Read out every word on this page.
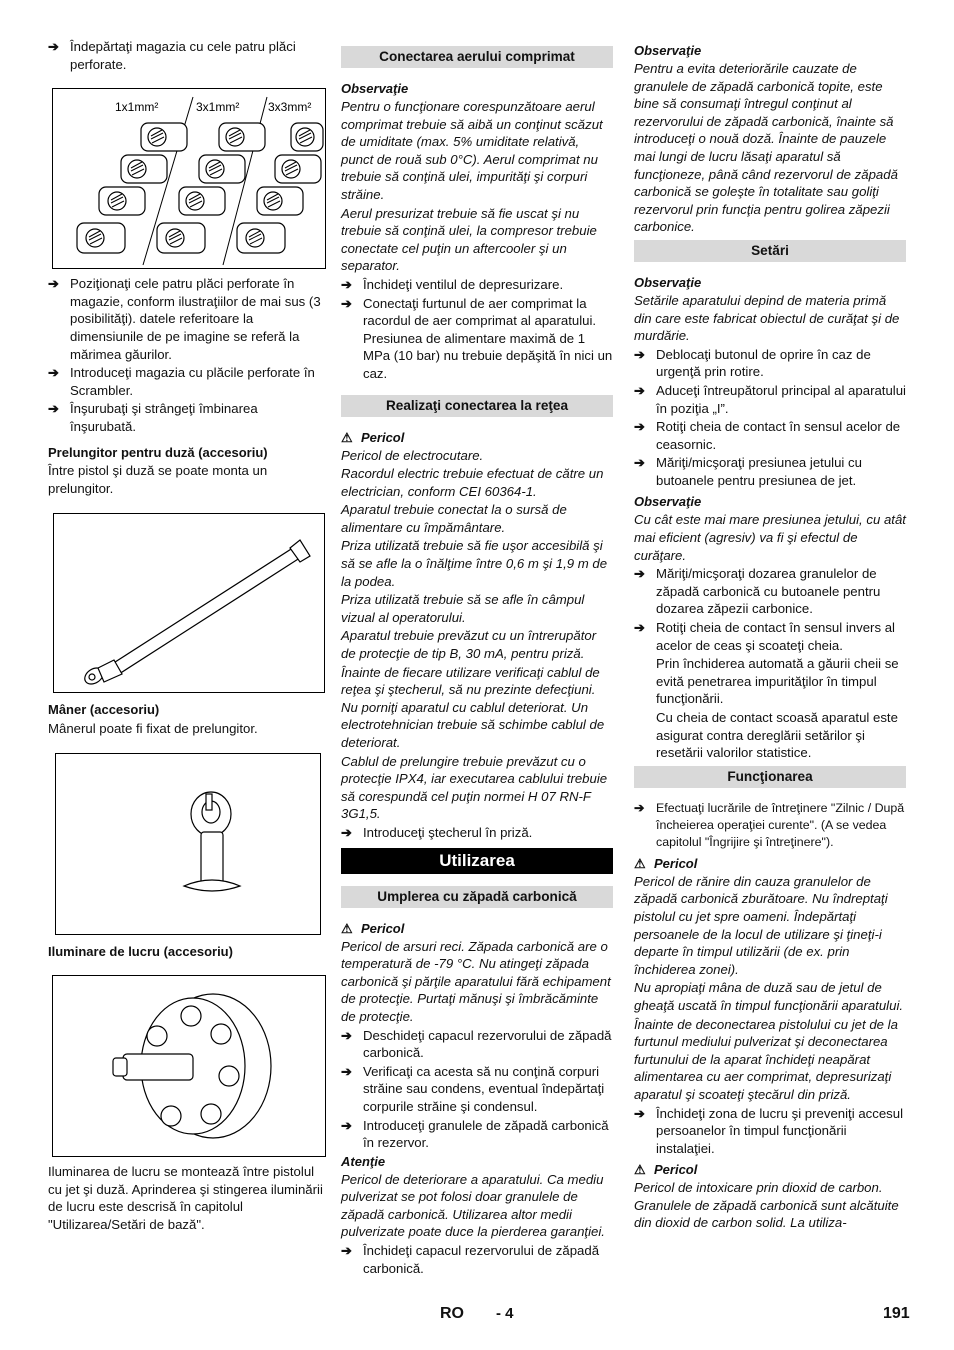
➔ Îndepărtaţi magazia cu cele patru plăci perforate.
1x1mm²	3x1mm² 3x3mm²
➔ Poziţionaţi cele patru plăci perforate în magazie, conform ilustraţiilor de mai sus (3 posibilităţi). datele referitoare la dimensiunile de pe imagine se referă la mărimea găurilor.
➔ Introduceţi magazia cu plăcile perforate în Scrambler.
➔ Înşurubaţi şi strângeţi îmbinarea înşurubată.
Prelungitor pentru duză (accesoriu)
Între pistol şi duză se poate monta un prelungitor.
Mâner (accesoriu)
Mânerul poate fi fixat de prelungitor.
Iluminare de lucru (accesoriu)
Iluminarea de lucru se montează între pistolul cu jet şi duză. Aprinderea şi stingerea iluminării de lucru este descrisă în capitolul "Utilizarea/Setări de bază".
Conectarea aerului comprimat
Observaţie
Pentru o funcţionare corespunzătoare aerul comprimat trebuie să aibă un conţinut scăzut de umiditate (max. 5% umiditate relativă, punct de rouă sub 0°C). Aerul comprimat nu trebuie să conţină ulei, impurităţi şi corpuri străine.
Aerul presurizat trebuie să fie uscat şi nu trebuie să conţină ulei, la compresor trebuie conectate cel puţin un aftercooler şi un separator.
➔ Închideţi ventilul de depresurizare.
➔ Conectaţi furtunul de aer comprimat la racordul de aer comprimat al aparatului. Presiunea de alimentare maximă de 1 MPa (10 bar) nu trebuie depăşită în nici un caz.
Realizaţi conectarea la reţea
⚠ Pericol
Pericol de electrocutare.
Racordul electric trebuie efectuat de către un electrician, conform CEI 60364-1.
Aparatul trebuie conectat la o sursă de alimentare cu împământare.
Priza utilizată trebuie să fie uşor accesibilă şi să se afle la o înălţime între 0,6 m şi 1,9 m de la podea.
Priza utilizată trebuie să se afle în câmpul vizual al operatorului.
Aparatul trebuie prevăzut cu un întrerupător de protecţie de tip B, 30 mA, pentru priză.
Înainte de fiecare utilizare verificaţi cablul de reţea şi ştecherul, să nu prezinte defecţiuni. Nu porniţi aparatul cu cablul deteriorat. Un electrotehnician trebuie să schimbe cablul de deteriorat.
Cablul de prelungire trebuie prevăzut cu o protecţie IPX4, iar executarea cablului trebuie să corespundă cel puţin normei H 07 RN-F 3G1,5.
➔ Introduceţi ştecherul în priză.
Utilizarea
Umplerea cu zăpadă carbonică
⚠ Pericol
Pericol de arsuri reci. Zăpada carbonică are o temperatură de -79 °C. Nu atingeţi zăpada carbonică şi părţile aparatului fără echipament de protecţie. Purtaţi mănuşi şi îmbrăcăminte de protecţie.
➔ Deschideţi capacul rezervorului de zăpadă carbonică.
➔ Verificaţi ca acesta să nu conţină corpuri străine sau condens, eventual îndepărtaţi corpurile străine şi condensul.
➔ Introduceţi granulele de zăpadă carbonică în rezervor.
Atenţie
Pericol de deteriorare a aparatului. Ca mediu pulverizat se pot folosi doar granulele de zăpadă carbonică. Utilizarea altor medii pulverizate poate duce la pierderea garanţiei.
➔ Închideţi capacul rezervorului de zăpadă carbonică.
Observaţie
Pentru a evita deteriorările cauzate de granulele de zăpadă carbonică topite, este bine să consumaţi întregul conţinut al rezervorului de zăpadă carbonică, înainte să introduceţi o nouă doză. Înainte de pauzele mai lungi de lucru lăsaţi aparatul să funcţioneze, până când rezervorul de zăpadă carbonică se goleşte în totalitate sau goliţi rezervorul prin funcţia pentru golirea zăpezii carbonice.
Setări
Observaţie
Setările aparatului depind de materia primă din care este fabricat obiectul de curăţat şi de murdărie.
➔ Deblocaţi butonul de oprire în caz de urgenţă prin rotire.
➔ Aduceţi întreupătorul principal al aparatului în poziţia „I”.
➔ Rotiţi cheia de contact în sensul acelor de ceasornic.
➔ Măriţi/micşoraţi presiunea jetului cu butoanele pentru presiunea de jet.
Observaţie
Cu cât este mai mare presiunea jetului, cu atât mai eficient (agresiv) va fi şi efectul de curăţare.
➔ Măriţi/micşoraţi dozarea granulelor de zăpadă carbonică cu butoanele pentru dozarea zăpezii carbonice.
➔ Rotiţi cheia de contact în sensul invers al acelor de ceas şi scoateţi cheia.
Prin închiderea automată a găurii cheii se evită penetrarea impurităţilor în timpul funcţionării.
Cu cheia de contact scoasă aparatul este asigurat contra dereglării setărilor şi resetării valorilor statistice.
Funcţionarea
➔ Efectuaţi lucrările de întreţinere "Zilnic / După încheierea operaţiei curente". (A se vedea capitolul "Îngrijire şi întreţinere").
⚠ Pericol
Pericol de rănire din cauza granulelor de zăpadă carbonică zburătoare. Nu îndreptaţi pistolul cu jet spre oameni. Îndepărtaţi persoanele de la locul de utilizare şi ţineţi-i departe în timpul utilizării (de ex. prin închiderea zonei).
Nu apropiaţi mâna de duză sau de jetul de gheaţă uscată în timpul funcţionării aparatului.
Înainte de deconectarea pistolului cu jet de la furtunul mediului pulverizat şi deconectarea furtunului de la aparat închideţi neapărat alimentarea cu aer comprimat, depresurizaţi aparatul şi scoateţi ştecărul din priză.
➔ Închideţi zona de lucru şi preveniţi accesul persoanelor în timpul funcţionării instalaţiei.
⚠ Pericol
Pericol de intoxicare prin dioxid de carbon. Granulele de zăpadă carbonică sunt alcătuite din dioxid de carbon solid. La utiliza-
RO - 4	191
